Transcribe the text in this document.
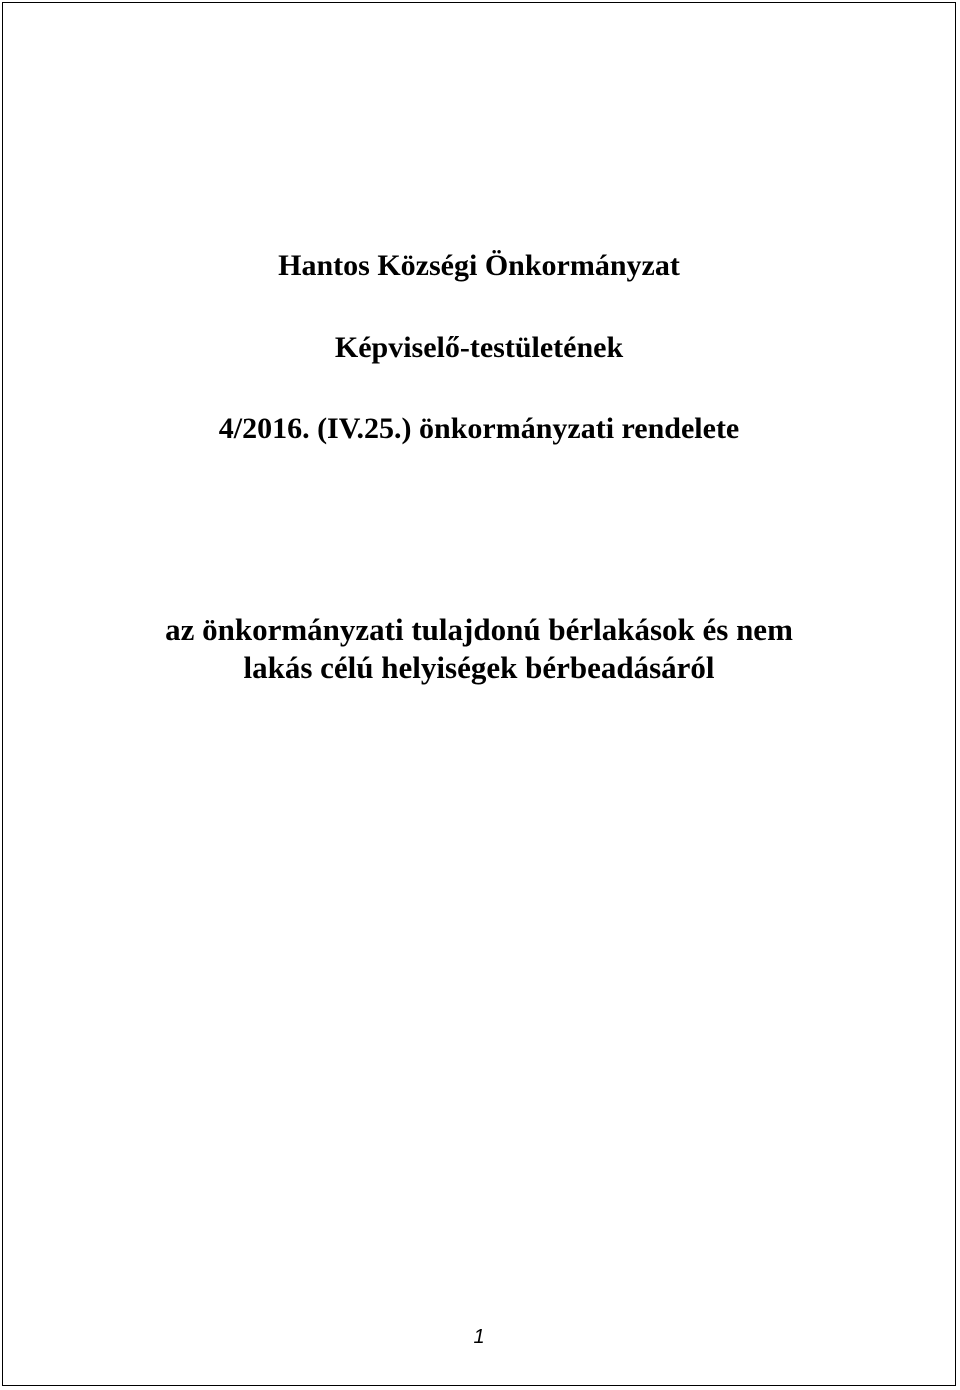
Hantos Községi Önkormányzat
Képviselő-testületének
4/2016. (IV.25.) önkormányzati rendelete
az önkormányzati tulajdonú bérlakások és nem
lakás célú helyiségek bérbeadásáról
1
